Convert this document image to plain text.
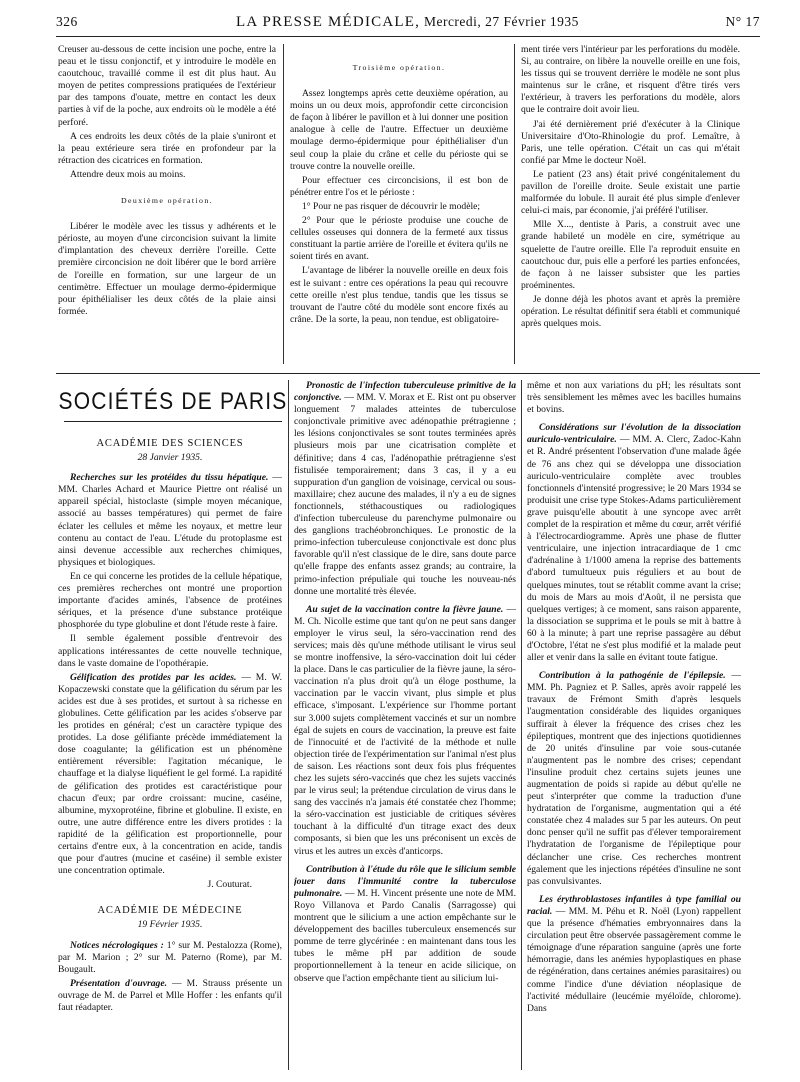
326	LA PRESSE MÉDICALE, Mercredi, 27 Février 1935	N° 17

Creuser au-dessous de cette incision une poche, entre la peau et le tissu conjonctif, et y introduire le modèle en caoutchouc, travaillé comme il est dit plus haut. Au moyen de petites compressions pratiquées de l'extérieur par des tampons d'ouate, mettre en contact les deux parties à vif de la poche, aux endroits où le modèle a été perforé.

A ces endroits les deux côtés de la plaie s'uniront et la peau extérieure sera tirée en profondeur par la rétraction des cicatrices en formation.

Attendre deux mois au moins.

Deuxième opération.

Libérer le modèle avec les tissus y adhérents et le périoste, au moyen d'une circoncision suivant la limite d'implantation des cheveux derrière l'oreille. Cette première circoncision ne doit libérer que le bord arrière de l'oreille en formation, sur une largeur de un centimètre. Effectuer un moulage dermo-épidermique pour épithélialiser les deux côtés de la plaie ainsi formée.

Troisième opération.

Assez longtemps après cette deuxième opération, au moins un ou deux mois, approfondir cette circoncision de façon à libérer le pavillon et à lui donner une position analogue à celle de l'autre. Effectuer un deuxième moulage dermo-épidermique pour épithélialiser d'un seul coup la plaie du crâne et celle du périoste qui se trouve contre la nouvelle oreille.

Pour effectuer ces circoncisions, il est bon de pénétrer entre l'os et le périoste :

1° Pour ne pas risquer de découvrir le modèle;

2° Pour que le périoste produise une couche de cellules osseuses qui donnera de la fermeté aux tissus constituant la partie arrière de l'oreille et évitera qu'ils ne soient tirés en avant.

L'avantage de libérer la nouvelle oreille en deux fois est le suivant : entre ces opérations la peau qui recouvre cette oreille n'est plus tendue, tandis que les tissus se trouvant de l'autre côté du modèle sont encore fixés au crâne. De la sorte, la peau, non tendue, est obligatoire-

ment tirée vers l'intérieur par les perforations du modèle. Si, au contraire, on libère la nouvelle oreille en une fois, les tissus qui se trouvent derrière le modèle ne sont plus maintenus sur le crâne, et risquent d'être tirés vers l'extérieur, à travers les perforations du modèle, alors que le contraire doit avoir lieu.

J'ai été dernièrement prié d'exécuter à la Clinique Universitaire d'Oto-Rhinologie du prof. Lemaître, à Paris, une telle opération. C'était un cas qui m'était confié par Mme le docteur Noël.

Le patient (23 ans) était privé congénitalement du pavillon de l'oreille droite. Seule existait une partie malformée du lobule. Il aurait été plus simple d'enlever celui-ci mais, par économie, j'ai préféré l'utiliser.

Mlle X..., dentiste à Paris, a construit avec une grande habileté un modèle en cire, symétrique au squelette de l'autre oreille. Elle l'a reproduit ensuite en caoutchouc dur, puis elle a perforé les parties enfoncées, de façon à ne laisser subsister que les parties proéminentes.

Je donne déjà les photos avant et après la première opération. Le résultat définitif sera établi et communiqué après quelques mois.

SOCIÉTÉS DE PARIS

ACADÉMIE DES SCIENCES

28 Janvier 1935.

Recherches sur les protéides du tissu hépatique. — MM. Charles Achard et Maurice Piettre ont réalisé un appareil spécial, histoclaste (simple moyen mécanique, associé au basses températures) qui permet de faire éclater les cellules et même les noyaux, et mettre leur contenu au contact de l'eau. L'étude du protoplasme est ainsi devenue accessible aux recherches chimiques, physiques et biologiques.

En ce qui concerne les protides de la cellule hépatique, ces premières recherches ont montré une proportion importante d'acides aminés, l'absence de protéines sériques, et la présence d'une substance protéique phosphorée du type globuline et dont l'étude reste à faire.

Il semble également possible d'entrevoir des applications intéressantes de cette nouvelle technique, dans le vaste domaine de l'opothérapie.

Gélification des protides par les acides. — M. W. Kopaczewski constate que la gélification du sérum par les acides est due à ses protides, et surtout à sa richesse en globulines. Cette gélification par les acides s'observe par les protides en général; c'est un caractère typique des protides. La dose gélifiante précède immédiatement la dose coagulante; la gélification est un phénomène entièrement réversible: l'agitation mécanique, le chauffage et la dialyse liquéfient le gel formé. La rapidité de gélification des protides est caractéristique pour chacun d'eux; par ordre croissant: mucine, caséine, albumine, myxoprotéine, fibrine et globuline. Il existe, en outre, une autre différence entre les divers protides : la rapidité de la gélification est proportionnelle, pour certains d'entre eux, à la concentration en acide, tandis que pour d'autres (mucine et caséine) il semble exister une concentration optimale.

J. Couturat.

ACADÉMIE DE MÉDECINE

19 Février 1935.

Notices nécrologiques : 1° sur M. Pestalozza (Rome), par M. Marion ; 2° sur M. Paterno (Rome), par M. Bougault.

Présentation d'ouvrage. — M. Strauss présente un ouvrage de M. de Parrel et Mlle Hoffer : les enfants qu'il faut réadapter.

Pronostic de l'infection tuberculeuse primitive de la conjonctive. — MM. V. Morax et E. Rist ont pu observer longuement 7 malades atteintes de tuberculose conjonctivale primitive avec adénopathie prétragienne ; les lésions conjonctivales se sont toutes terminées après plusieurs mois par une cicatrisation complète et définitive; dans 4 cas, l'adénopathie prétragienne s'est fistulisée temporairement; dans 3 cas, il y a eu suppuration d'un ganglion de voisinage, cervical ou sous-maxillaire; chez aucune des malades, il n'y a eu de signes fonctionnels, stéthacoustiques ou radiologiques d'infection tuberculeuse du parenchyme pulmonaire ou des ganglions trachéobronchiques. Le pronostic de la primo-infection tuberculeuse conjonctivale est donc plus favorable qu'il n'est classique de le dire, sans doute parce qu'elle frappe des enfants assez grands; au contraire, la primo-infection prépuliale qui touche les nouveau-nés donne une mortalité très élevée.

Au sujet de la vaccination contre la fièvre jaune. — M. Ch. Nicolle estime que tant qu'on ne peut sans danger employer le virus seul, la séro-vaccination rend des services; mais dès qu'une méthode utilisant le virus seul se montre inoffensive, la séro-vaccination doit lui céder la place. Dans le cas particulier de la fièvre jaune, la séro-vaccination n'a plus droit qu'à un éloge posthume, la vaccination par le vaccin vivant, plus simple et plus efficace, s'imposant. L'expérience sur l'homme portant sur 3.000 sujets complètement vaccinés et sur un nombre égal de sujets en cours de vaccination, la preuve est faite de l'innocuité et de l'activité de la méthode et nulle objection tirée de l'expérimentation sur l'animal n'est plus de saison. Les réactions sont deux fois plus fréquentes chez les sujets séro-vaccinés que chez les sujets vaccinés par le virus seul; la prétendue circulation de virus dans le sang des vaccinés n'a jamais été constatée chez l'homme; la séro-vaccination est justiciable de critiques sévères touchant à la difficulté d'un titrage exact des deux composants, si bien que les uns préconisent un excès de virus et les autres un excès d'anticorps.

Contribution à l'étude du rôle que le silicium semble jouer dans l'immunité contre la tuberculose pulmonaire. — M. H. Vincent présente une note de MM. Royo Villanova et Pardo Canalis (Sarragosse) qui montrent que le silicium a une action empêchante sur le développement des bacilles tuberculeux ensemencés sur pomme de terre glycérinée : en maintenant dans tous les tubes le même pH par addition de soude proportionnellement à la teneur en acide silicique, on observe que l'action empêchante tient au silicium lui-

même et non aux variations du pH; les résultats sont très sensiblement les mêmes avec les bacilles humains et bovins.

Considérations sur l'évolution de la dissociation auriculo-ventriculaire. — MM. A. Clerc, Zadoc-Kahn et R. André présentent l'observation d'une malade âgée de 76 ans chez qui se développa une dissociation auriculo-ventriculaire complète avec troubles fonctionnels d'intensité progressive; le 20 Mars 1934 se produisit une crise type Stokes-Adams particulièrement grave puisqu'elle aboutit à une syncope avec arrêt complet de la respiration et même du cœur, arrêt vérifié à l'électrocardiogramme. Après une phase de flutter ventriculaire, une injection intracardiaque de 1 cmc d'adrénaline à 1/1000 amena la reprise des battements d'abord tumultueux puis réguliers et au bout de quelques minutes, tout se rétablit comme avant la crise; du mois de Mars au mois d'Août, il ne persista que quelques vertiges; à ce moment, sans raison apparente, la dissociation se supprima et le pouls se mit à battre à 60 à la minute; à part une reprise passagère au début d'Octobre, l'état ne s'est plus modifié et la malade peut aller et venir dans la salle en évitant toute fatigue.

Contribution à la pathogénie de l'épilepsie. — MM. Ph. Pagniez et P. Salles, après avoir rappelé les travaux de Frémont Smith d'après lesquels l'augmentation considérable des liquides organiques suffirait à élever la fréquence des crises chez les épileptiques, montrent que des injections quotidiennes de 20 unités d'insuline par voie sous-cutanée n'augmentent pas le nombre des crises; cependant l'insuline produit chez certains sujets jeunes une augmentation de poids si rapide au début qu'elle ne peut s'interpréter que comme la traduction d'une hydratation de l'organisme, augmentation qui a été constatée chez 4 malades sur 5 par les auteurs. On peut donc penser qu'il ne suffit pas d'élever temporairement l'hydratation de l'organisme de l'épileptique pour déclancher une crise. Ces recherches montrent également que les injections répétées d'insuline ne sont pas convulsivantes.

Les érythroblastoses infantiles à type familial ou racial. — MM. M. Péhu et R. Noël (Lyon) rappellent que la présence d'hématies embryonnaires dans la circulation peut être observée passagèrement comme le témoignage d'une réparation sanguine (après une forte hémorragie, dans les anémies hypoplastiques en phase de régénération, dans certaines anémies parasitaires) ou comme l'indice d'une déviation néoplasique de l'activité médullaire (leucémie myéloïde, chlorome). Dans
